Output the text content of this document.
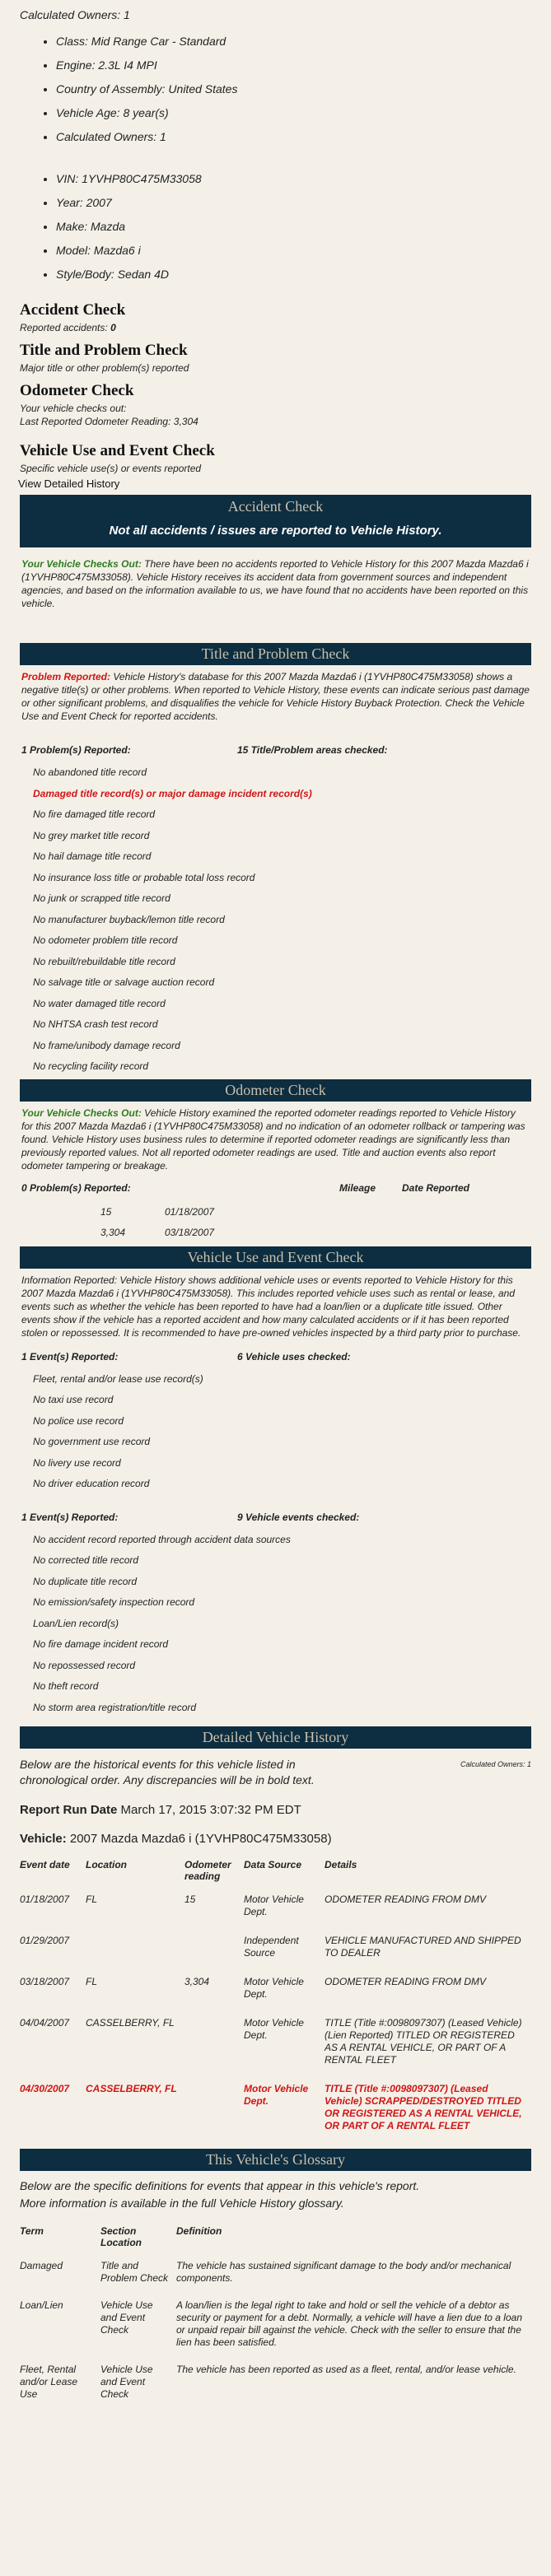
Calculated Owners: 1
• Class: Mid Range Car - Standard
• Engine: 2.3L I4 MPI
• Country of Assembly: United States
• Vehicle Age: 8 year(s)
• Calculated Owners: 1
• VIN: 1YVHP80C475M33058
• Year: 2007
• Make: Mazda
• Model: Mazda6 i
• Style/Body: Sedan 4D
Accident Check
Reported accidents: 0
Title and Problem Check
Major title or other problem(s) reported
Odometer Check
Your vehicle checks out:
Last Reported Odometer Reading: 3,304
Vehicle Use and Event Check
Specific vehicle use(s) or events reported
View Detailed History
Accident Check
Not all accidents / issues are reported to Vehicle History.
Your Vehicle Checks Out: There have been no accidents reported to Vehicle History for this 2007 Mazda Mazda6 i (1YVHP80C475M33058). Vehicle History receives its accident data from government sources and independent agencies, and based on the information available to us, we have found that no accidents have been reported on this vehicle.
Title and Problem Check
Problem Reported: Vehicle History's database for this 2007 Mazda Mazda6 i (1YVHP80C475M33058) shows a negative title(s) or other problems. When reported to Vehicle History, these events can indicate serious past damage or other significant problems, and disqualifies the vehicle for Vehicle History Buyback Protection. Check the Vehicle Use and Event Check for reported accidents.
1 Problem(s) Reported:	15 Title/Problem areas checked:
No abandoned title record
Damaged title record(s) or major damage incident record(s)
No fire damaged title record
No grey market title record
No hail damage title record
No insurance loss title or probable total loss record
No junk or scrapped title record
No manufacturer buyback/lemon title record
No odometer problem title record
No rebuilt/rebuildable title record
No salvage title or salvage auction record
No water damaged title record
No NHTSA crash test record
No frame/unibody damage record
No recycling facility record
Odometer Check
Your Vehicle Checks Out: Vehicle History examined the reported odometer readings reported to Vehicle History for this 2007 Mazda Mazda6 i (1YVHP80C475M33058) and no indication of an odometer rollback or tampering was found. Vehicle History uses business rules to determine if reported odometer readings are significantly less than previously reported values. Not all reported odometer readings are used. Title and auction events also report odometer tampering or breakage.
0 Problem(s) Reported:	Mileage	Date Reported
15	01/18/2007
3,304	03/18/2007
Vehicle Use and Event Check
Information Reported: Vehicle History shows additional vehicle uses or events reported to Vehicle History for this 2007 Mazda Mazda6 i (1YVHP80C475M33058). This includes reported vehicle uses such as rental or lease, and events such as whether the vehicle has been reported to have had a loan/lien or a duplicate title issued. Other events show if the vehicle has a reported accident and how many calculated accidents or if it has been reported stolen or repossessed. It is recommended to have pre-owned vehicles inspected by a third party prior to purchase.
1 Event(s) Reported:	6 Vehicle uses checked:
Fleet, rental and/or lease use record(s)
No taxi use record
No police use record
No government use record
No livery use record
No driver education record
1 Event(s) Reported:	9 Vehicle events checked:
No accident record reported through accident data sources
No corrected title record
No duplicate title record
No emission/safety inspection record
Loan/Lien record(s)
No fire damage incident record
No repossessed record
No theft record
No storm area registration/title record
Detailed Vehicle History
Below are the historical events for this vehicle listed in chronological order. Any discrepancies will be in bold text.
Calculated Owners: 1
Report Run Date March 17, 2015 3:07:32 PM EDT
Vehicle: 2007 Mazda Mazda6 i (1YVHP80C475M33058)
Event date	Location	Odometer reading	Data Source	Details
01/18/2007	FL	15	Motor Vehicle Dept.	ODOMETER READING FROM DMV
01/29/2007			Independent Source	VEHICLE MANUFACTURED AND SHIPPED TO DEALER
03/18/2007	FL	3,304	Motor Vehicle Dept.	ODOMETER READING FROM DMV
04/04/2007	CASSELBERRY, FL		Motor Vehicle Dept.	TITLE (Title #:0098097307) (Leased Vehicle) (Lien Reported) TITLED OR REGISTERED AS A RENTAL VEHICLE, OR PART OF A RENTAL FLEET
04/30/2007	CASSELBERRY, FL		Motor Vehicle Dept.	TITLE (Title #:0098097307) (Leased Vehicle) SCRAPPED/DESTROYED TITLED OR REGISTERED AS A RENTAL VEHICLE, OR PART OF A RENTAL FLEET
This Vehicle's Glossary
Below are the specific definitions for events that appear in this vehicle's report.
More information is available in the full Vehicle History glossary.
Term	Section Location	Definition
Damaged	Title and Problem Check	The vehicle has sustained significant damage to the body and/or mechanical components.
Loan/Lien	Vehicle Use and Event Check	A loan/lien is the legal right to take and hold or sell the vehicle of a debtor as security or payment for a debt. Normally, a vehicle will have a lien due to a loan or unpaid repair bill against the vehicle. Check with the seller to ensure that the lien has been satisfied.
Fleet, Rental and/or Lease Use	Vehicle Use and Event Check	The vehicle has been reported as used as a fleet, rental, and/or lease vehicle.
